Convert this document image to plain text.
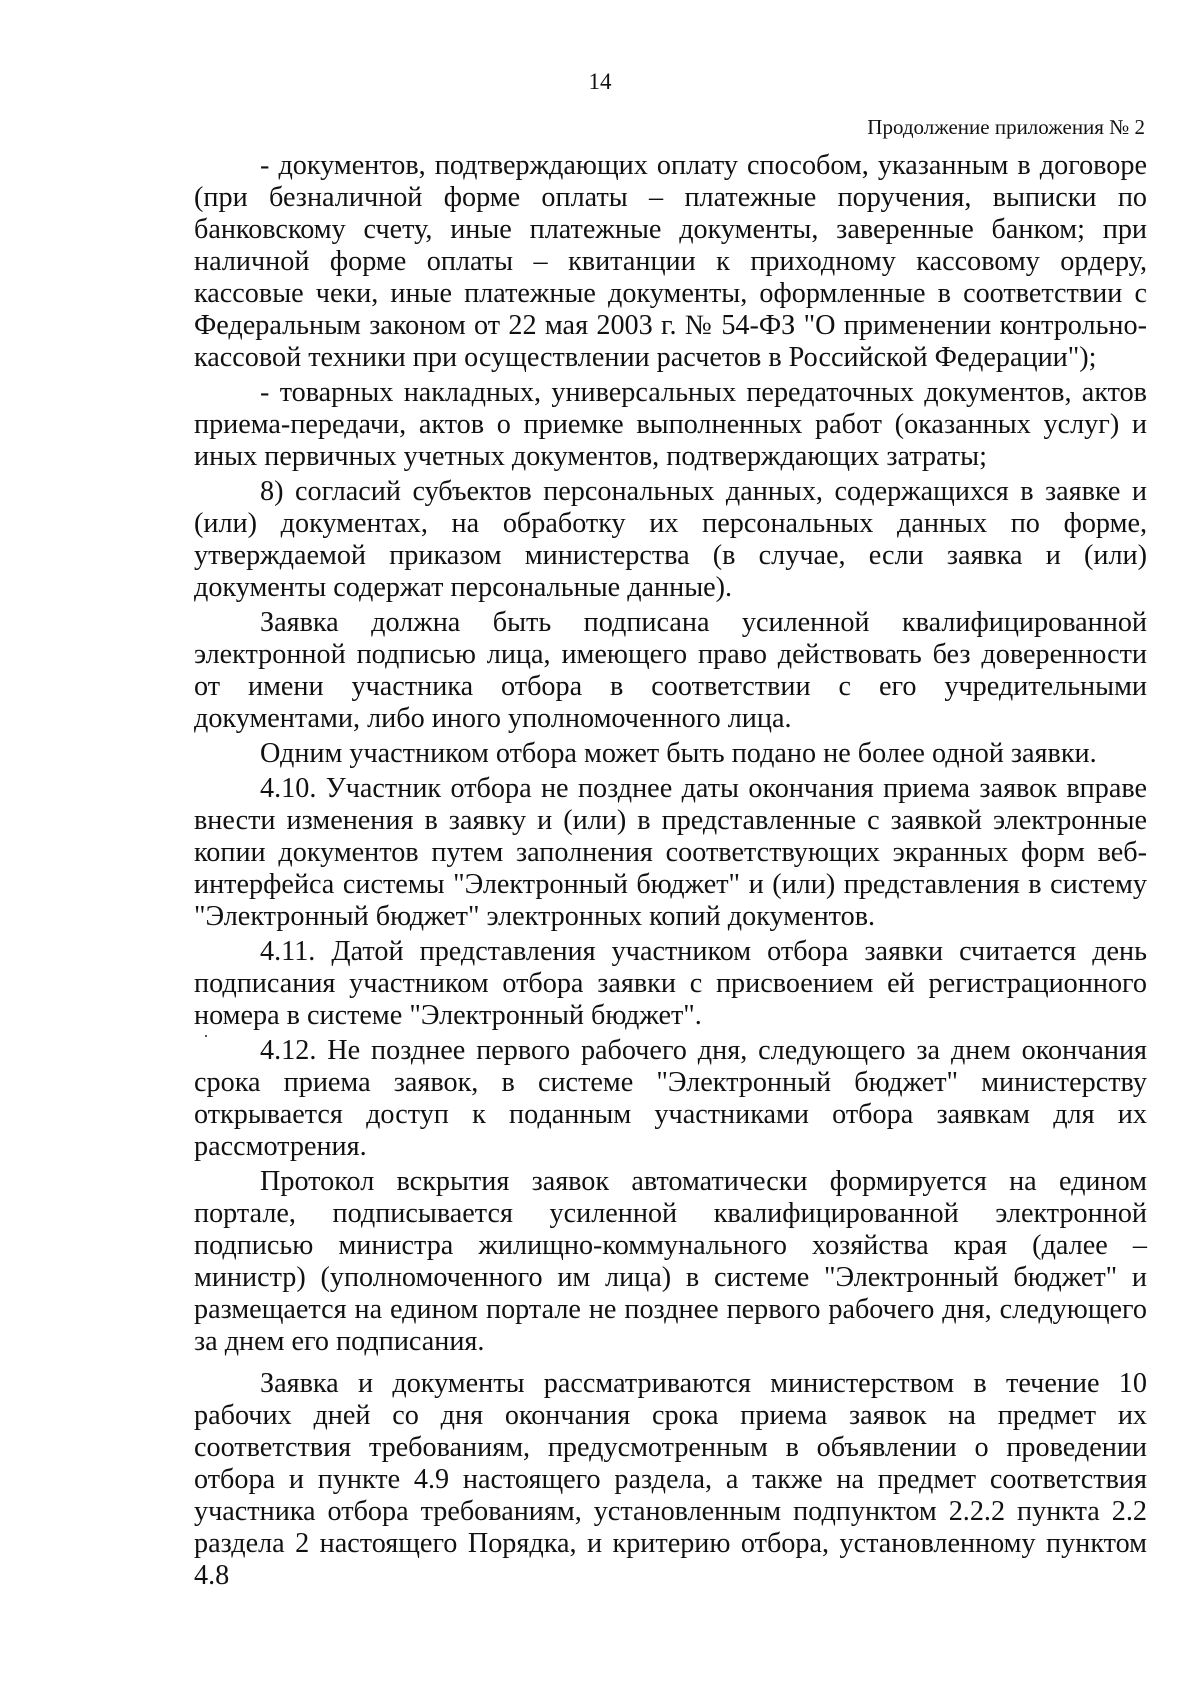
14
Продолжение приложения № 2

- документов, подтверждающих оплату способом, указанным в договоре (при безналичной форме оплаты – платежные поручения, выписки по банковскому счету, иные платежные документы, заверенные банком; при наличной форме оплаты – квитанции к приходному кассовому ордеру, кассовые чеки, иные платежные документы, оформленные в соответствии с Федеральным законом от 22 мая 2003 г. № 54-ФЗ "О применении контрольно-кассовой техники при осуществлении расчетов в Российской Федерации");

- товарных накладных, универсальных передаточных документов, актов приема-передачи, актов о приемке выполненных работ (оказанных услуг) и иных первичных учетных документов, подтверждающих затраты;

8) согласий субъектов персональных данных, содержащихся в заявке и (или) документах, на обработку их персональных данных по форме, утверждаемой приказом министерства (в случае, если заявка и (или) документы содержат персональные данные).

Заявка должна быть подписана усиленной квалифицированной электронной подписью лица, имеющего право действовать без доверенности от имени участника отбора в соответствии с его учредительными документами, либо иного уполномоченного лица.

Одним участником отбора может быть подано не более одной заявки.

4.10. Участник отбора не позднее даты окончания приема заявок вправе внести изменения в заявку и (или) в представленные с заявкой электронные копии документов путем заполнения соответствующих экранных форм веб-интерфейса системы "Электронный бюджет" и (или) представления в систему "Электронный бюджет" электронных копий документов.

4.11. Датой представления участником отбора заявки считается день подписания участником отбора заявки с присвоением ей регистрационного номера в системе "Электронный бюджет".

4.12. Не позднее первого рабочего дня, следующего за днем окончания срока приема заявок, в системе "Электронный бюджет" министерству открывается доступ к поданным участниками отбора заявкам для их рассмотрения.

Протокол вскрытия заявок автоматически формируется на едином портале, подписывается усиленной квалифицированной электронной подписью министра жилищно-коммунального хозяйства края (далее – министр) (уполномоченного им лица) в системе "Электронный бюджет" и размещается на едином портале не позднее первого рабочего дня, следующего за днем его подписания.

Заявка и документы рассматриваются министерством в течение 10 рабочих дней со дня окончания срока приема заявок на предмет их соответствия требованиям, предусмотренным в объявлении о проведении отбора и пункте 4.9 настоящего раздела, а также на предмет соответствия участника отбора требованиям, установленным подпунктом 2.2.2 пункта 2.2 раздела 2 настоящего Порядка, и критерию отбора, установленному пунктом 4.8
